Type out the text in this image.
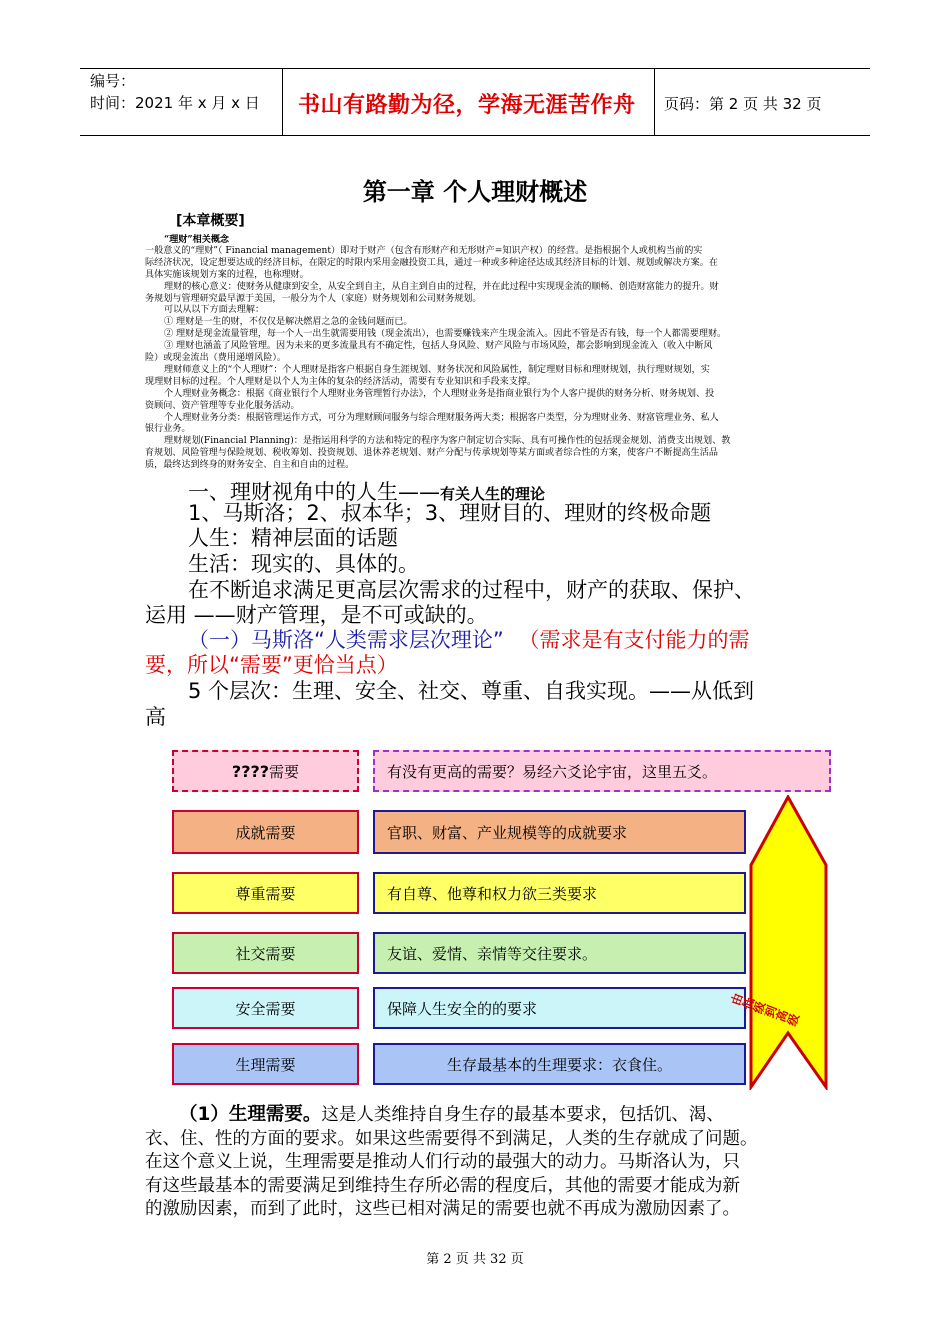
编号：
时间：2021 年 x 月 x 日 书山有路勤为径，学海无涯苦作舟 页码：第 2 页 共 32 页
第一章 个人理财概述
[本章概要]
“理财”相关概念
一般意义的“理财”（ Financial management）即对于财产（包含有形财产和无形财产=知识产权）的经营。是指根据个人或机构当前的实
际经济状况，设定想要达成的经济目标，在限定的时限内采用金融投资工具，通过一种或多种途径达成其经济目标的计划、规划或解决方案。在
具体实施该规划方案的过程，也称理财。
理财的核心意义：使财务从健康到安全，从安全到自主，从自主到自由的过程，并在此过程中实现现金流的顺畅、创造财富能力的提升。财
务规划与管理研究最早源于美国，一般分为个人（家庭）财务规划和公司财务规划。
可以从以下方面去理解：
① 理财是一生的财，不仅仅是解决燃眉之急的金钱问题而已。
② 理财是现金流量管理，每一个人一出生就需要用钱（现金流出），也需要赚钱来产生现金流入。因此不管是否有钱，每一个人都需要理财。
③ 理财也涵盖了风险管理。因为未来的更多流量具有不确定性，包括人身风险、财产风险与市场风险，都会影响到现金流入（收入中断风
险）或现金流出（费用递增风险）。
理财师意义上的“个人理财”：个人理财是指客户根据自身生涯规划、财务状况和风险属性，制定理财目标和理财规划，执行理财规划，实
现理财目标的过程。个人理财是以个人为主体的复杂的经济活动，需要有专业知识和手段来支撑。
个人理财业务概念：根据《商业银行个人理财业务管理暂行办法》，个人理财业务是指商业银行为个人客户提供的财务分析、财务规划、投
资顾问、资产管理等专业化服务活动。
个人理财业务分类：根据管理运作方式，可分为理财顾问服务与综合理财服务两大类；根据客户类型，分为理财业务、财富管理业务、私人
银行业务。
理财规划(Financial Planning)：是指运用科学的方法和特定的程序为客户制定切合实际、具有可操作性的包括现金规划、消费支出规划、教
育规划、风险管理与保险规划、税收筹划、投资规划、退休养老规划、财产分配与传承规划等某方面或者综合性的方案，使客户不断提高生活品
质，最终达到终身的财务安全、自主和自由的过程。
一、理财视角中的人生——有关人生的理论
1、马斯洛；2、叔本华；3、理财目的、理财的终极命题
人生：精神层面的话题
生活：现实的、具体的。
在不断追求满足更高层次需求的过程中，财产的获取、保护、
运用 ——财产管理，是不可或缺的。
（一）马斯洛“人类需求层次理论” （需求是有支付能力的需
要，所以“需要”更恰当点）
5 个层次：生理、安全、社交、尊重、自我实现。——从低到
高
???? 需要	有没有更高的需要？易经六爻论宇宙，这里五爻。
成就需要	官职、财富、产业规模等的成就要求
尊重需要	有自尊、他尊和权力欲三类要求
社交需要	友谊、爱情、亲情等交往要求。
安全需要	保障人生安全的的要求
生理需要	生存最基本的生理要求：衣食住。
由低级到高级
（1）生理需要。这是人类维持自身生存的最基本要求，包括饥、渴、
衣、住、性的方面的要求。如果这些需要得不到满足，人类的生存就成了问题。
在这个意义上说，生理需要是推动人们行动的最强大的动力。马斯洛认为，只
有这些最基本的需要满足到维持生存所必需的程度后，其他的需要才能成为新
的激励因素，而到了此时，这些已相对满足的需要也就不再成为激励因素了。
第 2 页 共 32 页
